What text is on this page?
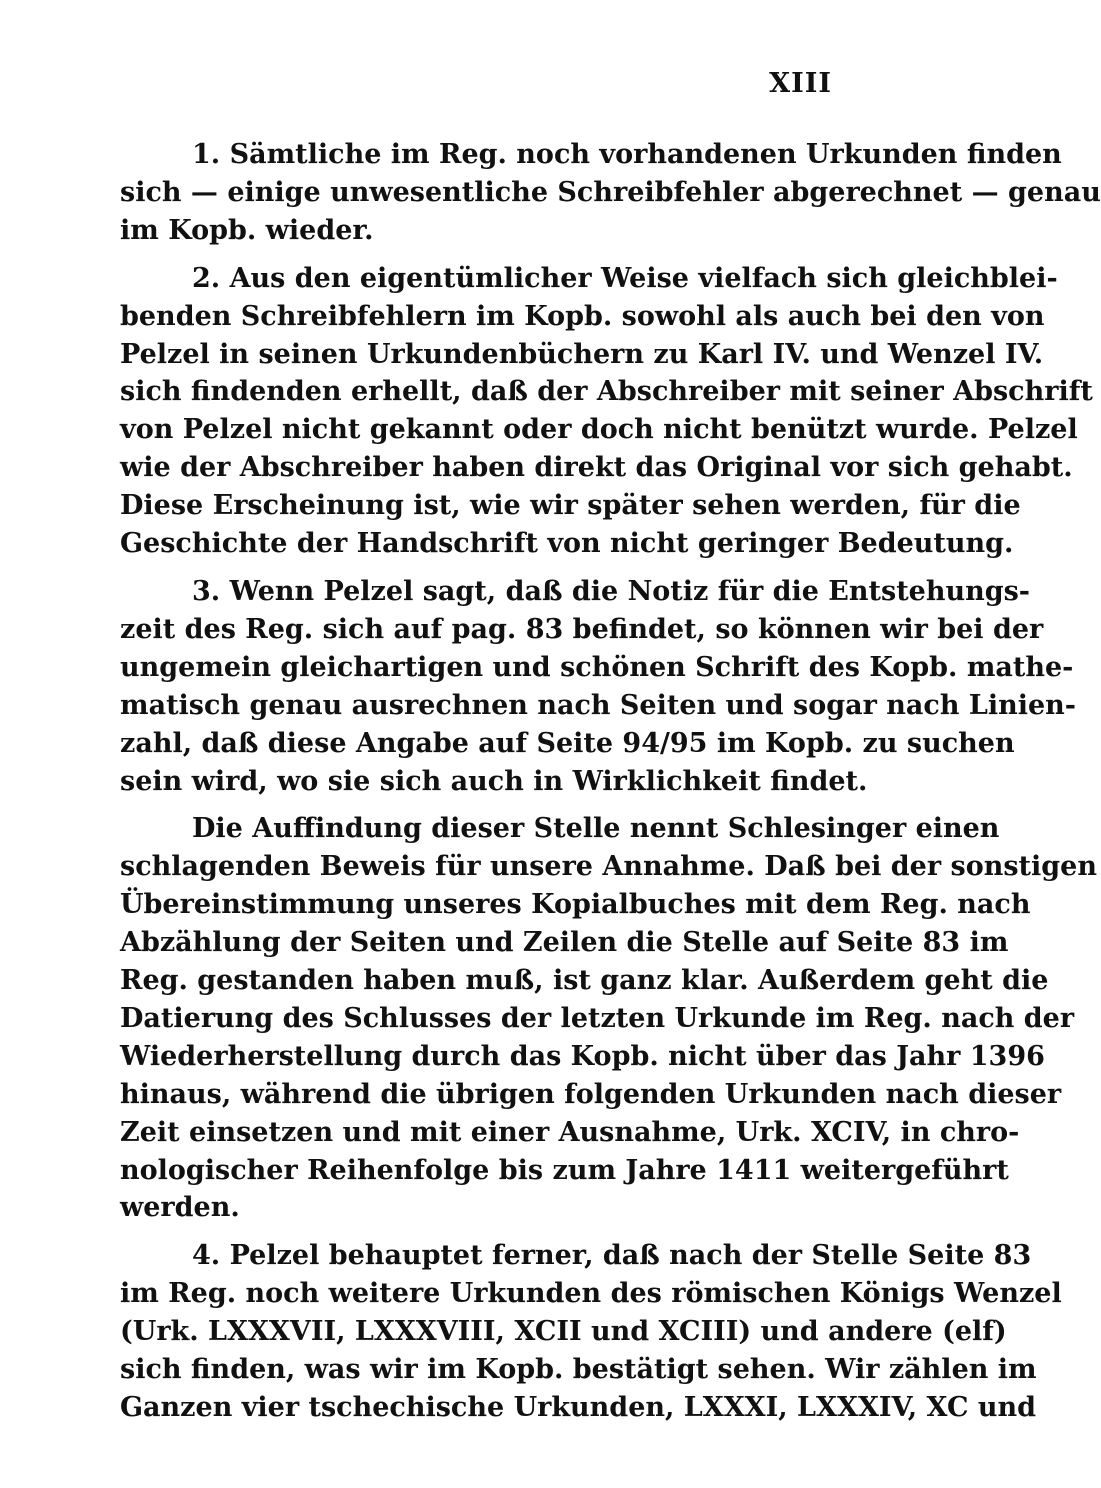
XIII
1. Sämtliche im Reg. noch vorhandenen Urkunden finden
sich — einige unwesentliche Schreibfehler abgerechnet — genau
im Kopb. wieder.
2. Aus den eigentümlicher Weise vielfach sich gleichblei-
benden Schreibfehlern im Kopb. sowohl als auch bei den von
Pelzel in seinen Urkundenbüchern zu Karl IV. und Wenzel IV.
sich findenden erhellt, daß der Abschreiber mit seiner Abschrift
von Pelzel nicht gekannt oder doch nicht benützt wurde. Pelzel
wie der Abschreiber haben direkt das Original vor sich gehabt.
Diese Erscheinung ist, wie wir später sehen werden, für die
Geschichte der Handschrift von nicht geringer Bedeutung.
3. Wenn Pelzel sagt, daß die Notiz für die Entstehungs-
zeit des Reg. sich auf pag. 83 befindet, so können wir bei der
ungemein gleichartigen und schönen Schrift des Kopb. mathe-
matisch genau ausrechnen nach Seiten und sogar nach Linien-
zahl, daß diese Angabe auf Seite 94/95 im Kopb. zu suchen
sein wird, wo sie sich auch in Wirklichkeit findet.
Die Auffindung dieser Stelle nennt Schlesinger einen
schlagenden Beweis für unsere Annahme. Daß bei der sonstigen
Übereinstimmung unseres Kopialbuches mit dem Reg. nach
Abzählung der Seiten und Zeilen die Stelle auf Seite 83 im
Reg. gestanden haben muß, ist ganz klar. Außerdem geht die
Datierung des Schlusses der letzten Urkunde im Reg. nach der
Wiederherstellung durch das Kopb. nicht über das Jahr 1396
hinaus, während die übrigen folgenden Urkunden nach dieser
Zeit einsetzen und mit einer Ausnahme, Urk. XCIV, in chro-
nologischer Reihenfolge bis zum Jahre 1411 weitergeführt
werden.
4. Pelzel behauptet ferner, daß nach der Stelle Seite 83
im Reg. noch weitere Urkunden des römischen Königs Wenzel
(Urk. LXXXVII, LXXXVIII, XCII und XCIII) und andere (elf)
sich finden, was wir im Kopb. bestätigt sehen. Wir zählen im
Ganzen vier tschechische Urkunden, LXXXI, LXXXIV, XC und
